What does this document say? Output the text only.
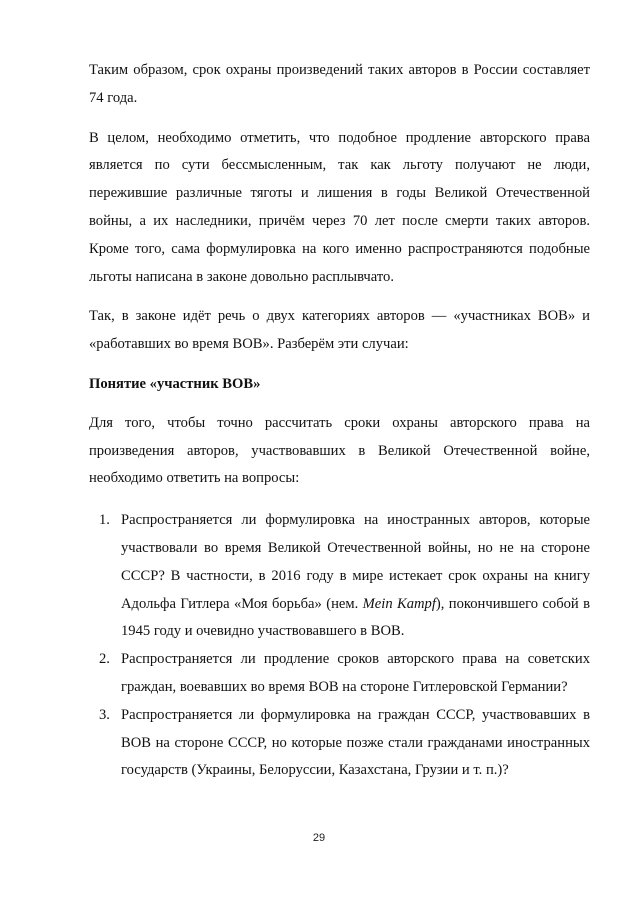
Таким образом, срок охраны произведений таких авторов в России составляет 74 года.

В целом, необходимо отметить, что подобное продление авторского права является по сути бессмысленным, так как льготу получают не люди, пережившие различные тяготы и лишения в годы Великой Отечественной войны, а их наследники, причём через 70 лет после смерти таких авторов. Кроме того, сама формулировка на кого именно распространяются подобные льготы написана в законе довольно расплывчато.

Так, в законе идёт речь о двух категориях авторов — «участниках ВОВ» и «работавших во время ВОВ». Разберём эти случаи:

Понятие «участник ВОВ»

Для того, чтобы точно рассчитать сроки охраны авторского права на произведения авторов, участвовавших в Великой Отечественной войне, необходимо ответить на вопросы:

1. Распространяется ли формулировка на иностранных авторов, которые участвовали во время Великой Отечественной войны, но не на стороне СССР? В частности, в 2016 году в мире истекает срок охраны на книгу Адольфа Гитлера «Моя борьба» (нем. Mein Kampf), покончившего собой в 1945 году и очевидно участвовавшего в ВОВ.
2. Распространяется ли продление сроков авторского права на советских граждан, воевавших во время ВОВ на стороне Гитлеровской Германии?
3. Распространяется ли формулировка на граждан СССР, участвовавших в ВОВ на стороне СССР, но которые позже стали гражданами иностранных государств (Украины, Белоруссии, Казахстана, Грузии и т. п.)?
29
